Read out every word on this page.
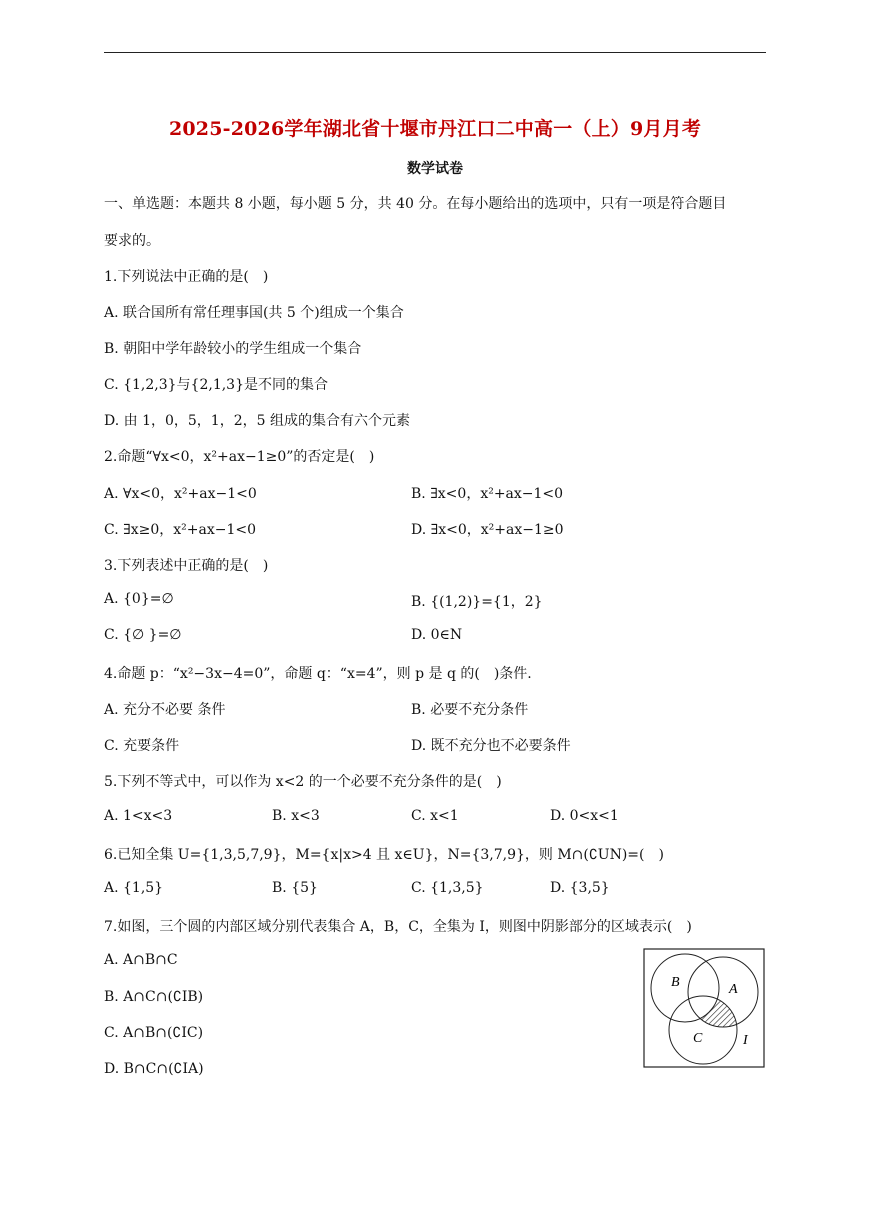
2025-2026学年湖北省十堰市丹江口二中高一（上）9月月考
数学试卷
一、单选题：本题共 8 小题，每小题 5 分，共 40 分。在每小题给出的选项中，只有一项是符合题目
要求的。
1.下列说法中正确的是(　)
A. 联合国所有常任理事国(共 5 个)组成一个集合
B. 朝阳中学年龄较小的学生组成一个集合
C. {1,2,3}与{2,1,3}是不同的集合
D. 由 1，0，5，1，2，5 组成的集合有六个元素
2.命题“∀x<0，x²+ax−1≥0”的否定是(　)
A. ∀x<0，x²+ax−1<0	B. ∃x<0，x²+ax−1<0
C. ∃x≥0，x²+ax−1<0	D. ∃x<0，x²+ax−1≥0
3.下列表述中正确的是(　)
A. {0}=∅	B. {(1,2)}={1，2}
C. {∅ }=∅	D. 0∈N
4.命题 p：“x²−3x−4=0”，命题 q：“x=4”，则 p 是 q 的(　)条件.
A. 充分不必要 条件	B. 必要不充分条件
C. 充要条件	D. 既不充分也不必要条件
5.下列不等式中，可以作为 x<2 的一个必要不充分条件的是(　)
A. 1<x<3	B. x<3	C. x<1	D. 0<x<1
6.已知全集 U={1,3,5,7,9}，M={x|x>4 且 x∈U}，N={3,7,9}，则 M∩(∁UN)=(　)
A. {1,5}	B. {5}	C. {1,3,5}	D. {3,5}
7.如图，三个圆的内部区域分别代表集合 A，B，C，全集为 I，则图中阴影部分的区域表示(　)
A. A∩B∩C
B. A∩C∩(∁IB)
C. A∩B∩(∁IC)
D. B∩C∩(∁IA)
B	A
C	I
